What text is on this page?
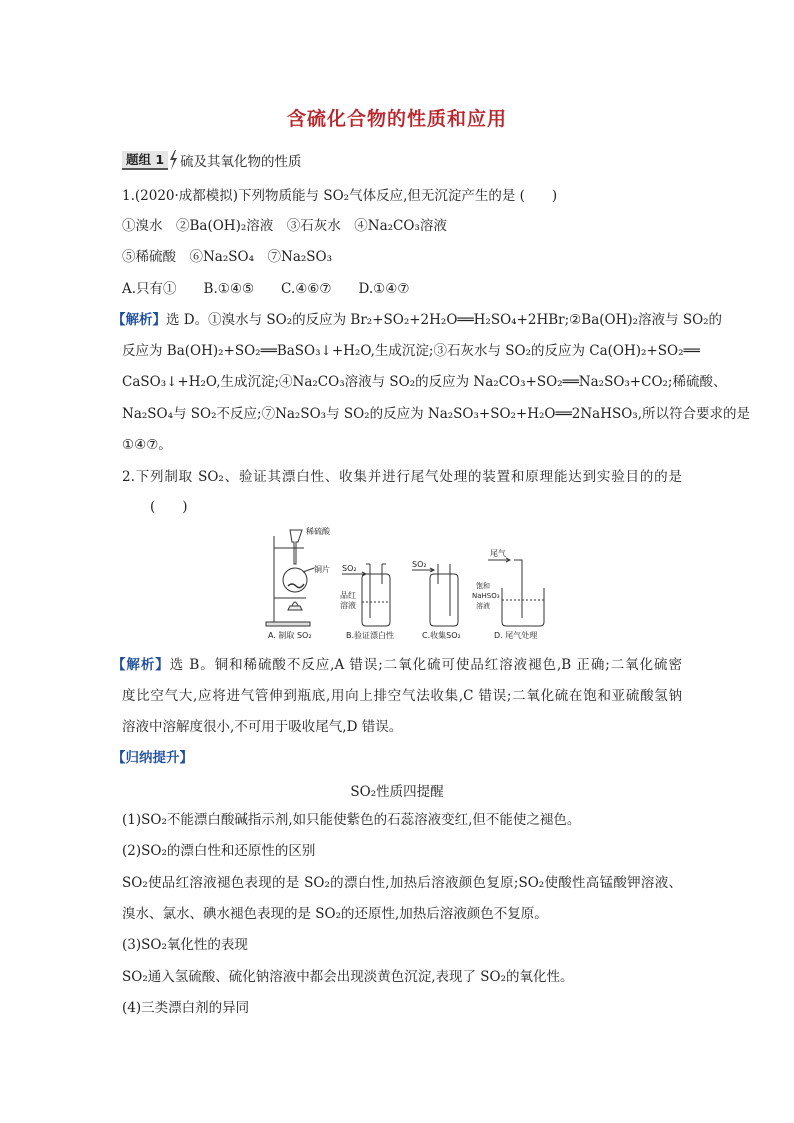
含硫化合物的性质和应用
题组 1 硫及其氧化物的性质
1.(2020·成都模拟)下列物质能与 SO₂气体反应,但无沉淀产生的是 (　　)
①溴水　②Ba(OH)₂溶液　③石灰水　④Na₂CO₃溶液
⑤稀硫酸　⑥Na₂SO₄　⑦Na₂SO₃
A.只有①　　B.①④⑤　　C.④⑥⑦　　D.①④⑦
【解析】选 D。①溴水与 SO₂的反应为 Br₂+SO₂+2H₂O══H₂SO₄+2HBr;②Ba(OH)₂溶液与 SO₂的
反应为 Ba(OH)₂+SO₂══BaSO₃↓+H₂O,生成沉淀;③石灰水与 SO₂的反应为 Ca(OH)₂+SO₂══
CaSO₃↓+H₂O,生成沉淀;④Na₂CO₃溶液与 SO₂的反应为 Na₂CO₃+SO₂══Na₂SO₃+CO₂;稀硫酸、
Na₂SO₄与 SO₂不反应;⑦Na₂SO₃与 SO₂的反应为 Na₂SO₃+SO₂+H₂O══2NaHSO₃,所以符合要求的是
①④⑦。
2.下列制取 SO₂、验证其漂白性、收集并进行尾气处理的装置和原理能达到实验目的的是
(　　)
稀硫酸
铜片 SO₂
品红
溶液
SO₂
尾气
饱和
NaHSO₃
溶液
A. 制取 SO₂	B.验证漂白性	C.收集SO₂	D. 尾气处理
【解析】选 B。铜和稀硫酸不反应,A 错误;二氧化硫可使品红溶液褪色,B 正确;二氧化硫密
度比空气大,应将进气管伸到瓶底,用向上排空气法收集,C 错误;二氧化硫在饱和亚硫酸氢钠
溶液中溶解度很小,不可用于吸收尾气,D 错误。
【归纳提升】
SO₂性质四提醒
(1)SO₂不能漂白酸碱指示剂,如只能使紫色的石蕊溶液变红,但不能使之褪色。
(2)SO₂的漂白性和还原性的区别
SO₂使品红溶液褪色表现的是 SO₂的漂白性,加热后溶液颜色复原;SO₂使酸性高锰酸钾溶液、
溴水、氯水、碘水褪色表现的是 SO₂的还原性,加热后溶液颜色不复原。
(3)SO₂氧化性的表现
SO₂通入氢硫酸、硫化钠溶液中都会出现淡黄色沉淀,表现了 SO₂的氧化性。
(4)三类漂白剂的异同
